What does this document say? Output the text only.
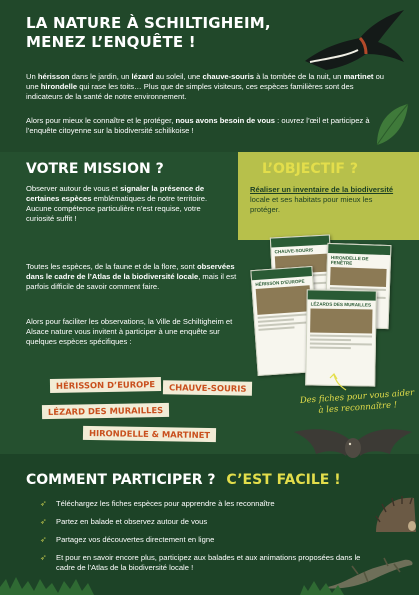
LA NATURE À SCHILTIGHEIM,
MENEZ L’ENQUÊTE !

Un hérisson dans le jardin, un lézard au soleil, une chauve-souris à la tombée de la nuit, un martinet ou une hirondelle qui rase les toits… Plus que de simples visiteurs, ces espèces familières sont des indicateurs de la santé de notre environnement.

Alors pour mieux le connaître et le protéger, nous avons besoin de vous : ouvrez l’œil et participez à l’enquête citoyenne sur la biodiversité schilikoise !

VOTRE MISSION ?

Observer autour de vous et signaler la présence de certaines espèces emblématiques de notre territoire. Aucune compétence particulière n’est requise, votre curiosité suffit !

L’OBJECTIF ?

Réaliser un inventaire de la biodiversité locale et ses habitats pour mieux les protéger.

CHAUVE-SOURIS
HIRONDELLE DE FENÊTRE
HÉRISSON D’EUROPE
LÉZARDS DES MURAILLES

Toutes les espèces, de la faune et de la flore, sont observées dans le cadre de l’Atlas de la biodiversité locale, mais il est parfois difficile de savoir comment faire.

Alors pour faciliter les observations, la Ville de Schiltigheim et Alsace nature vous invitent à participer à une enquête sur quelques espèces spécifiques :

HÉRISSON D’EUROPE	CHAUVE-SOURIS
LÉZARD DES MURAILLES
HIRONDELLE & MARTINET
Des fiches pour vous aider à les reconnaître !
COMMENT PARTICIPER ? C’EST FACILE !
➶ Téléchargez les fiches espèces pour apprendre à les reconnaître
➶ Partez en balade et observez autour de vous
➶ Partagez vos découvertes directement en ligne
➶ Et pour en savoir encore plus, participez aux balades et aux animations proposées dans le cadre de l’Atlas de la biodiversité locale !
